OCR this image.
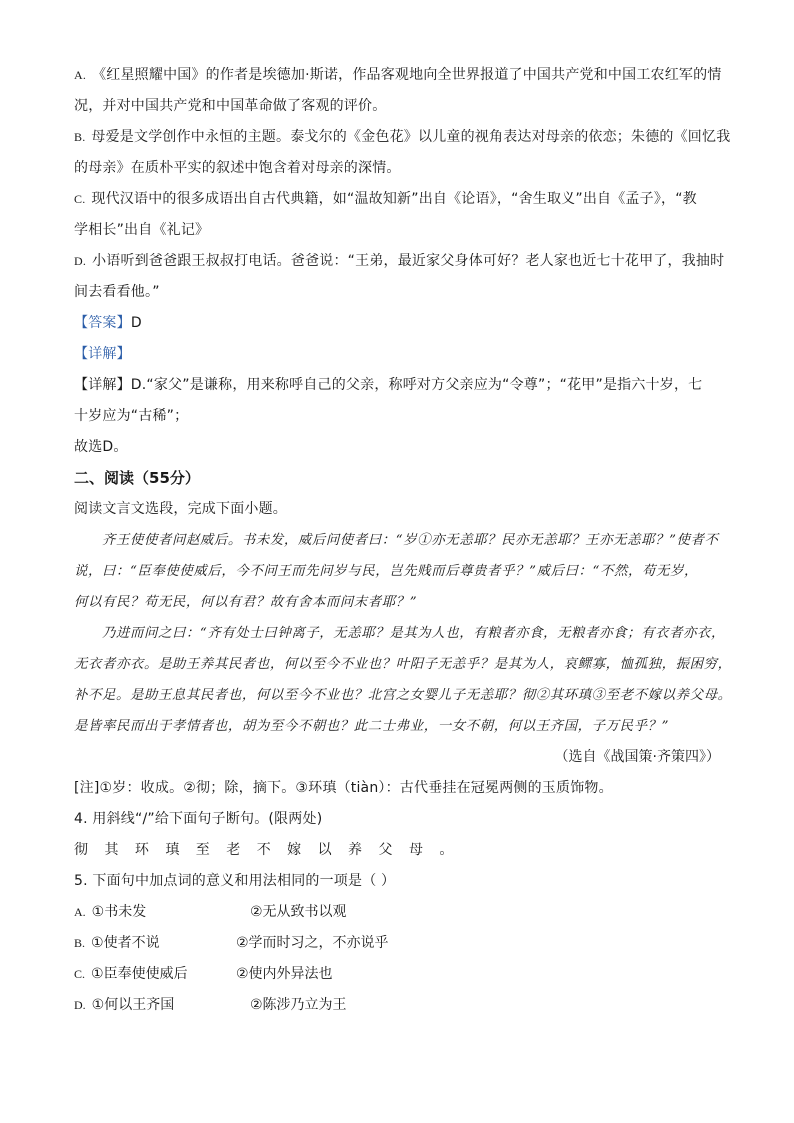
A. 《红星照耀中国》的作者是埃德加·斯诺，作品客观地向全世界报道了中国共产党和中国工农红军的情
况，并对中国共产党和中国革命做了客观的评价。
B. 母爱是文学创作中永恒的主题。泰戈尔的《金色花》以儿童的视角表达对母亲的依恋；朱德的《回忆我
的母亲》在质朴平实的叙述中饱含着对母亲的深情。
C. 现代汉语中的很多成语出自古代典籍，如“温故知新”出自《论语》，“舍生取义”出自《孟子》，“教
学相长”出自《礼记》
D. 小语听到爸爸跟王叔叔打电话。爸爸说：“王弟，最近家父身体可好？老人家也近七十花甲了，我抽时
间去看看他。”
【答案】D
【详解】
【详解】D.“家父”是谦称，用来称呼自己的父亲，称呼对方父亲应为“令尊”；“花甲”是指六十岁，七
十岁应为“古稀”；
故选D。
二、阅读（55分）
阅读文言文选段，完成下面小题。
齐王使使者问赵威后。书未发，威后问使者曰：“岁①亦无恙耶？民亦无恙耶？王亦无恙耶？”使者不
说，曰：“臣奉使使威后，今不问王而先问岁与民，岂先贱而后尊贵者乎？”威后曰：“不然，苟无岁，
何以有民？苟无民，何以有君？故有舍本而问末者耶？”
乃进而问之曰：“齐有处士曰钟离子，无恙耶？是其为人也，有粮者亦食，无粮者亦食；有衣者亦衣，
无衣者亦衣。是助王养其民者也，何以至今不业也？叶阳子无恙乎？是其为人，哀鳏寡，恤孤独，振困穷，
补不足。是助王息其民者也，何以至今不业也？北宫之女婴儿子无恙耶？彻②其环瑱③至老不嫁以养父母。
是皆率民而出于孝情者也，胡为至今不朝也？此二士弗业，一女不朝，何以王齐国，子万民乎？”
（选自《战国策·齐策四》）
[注]①岁：收成。②彻；除，摘下。③环瑱（tiàn）：古代垂挂在冠冕两侧的玉质饰物。
4. 用斜线“/”给下面句子断句。(限两处)
彻 其 环 瑱 至 老 不 嫁 以 养 父 母 。
5. 下面句中加点词的意义和用法相同的一项是（ ）
A. ①书未发	②无从致书以观
B. ①使者不说	②学而时习之，不亦说乎
C. ①臣奉使使威后	②使内外异法也
D. ①何以王齐国	②陈涉乃立为王
